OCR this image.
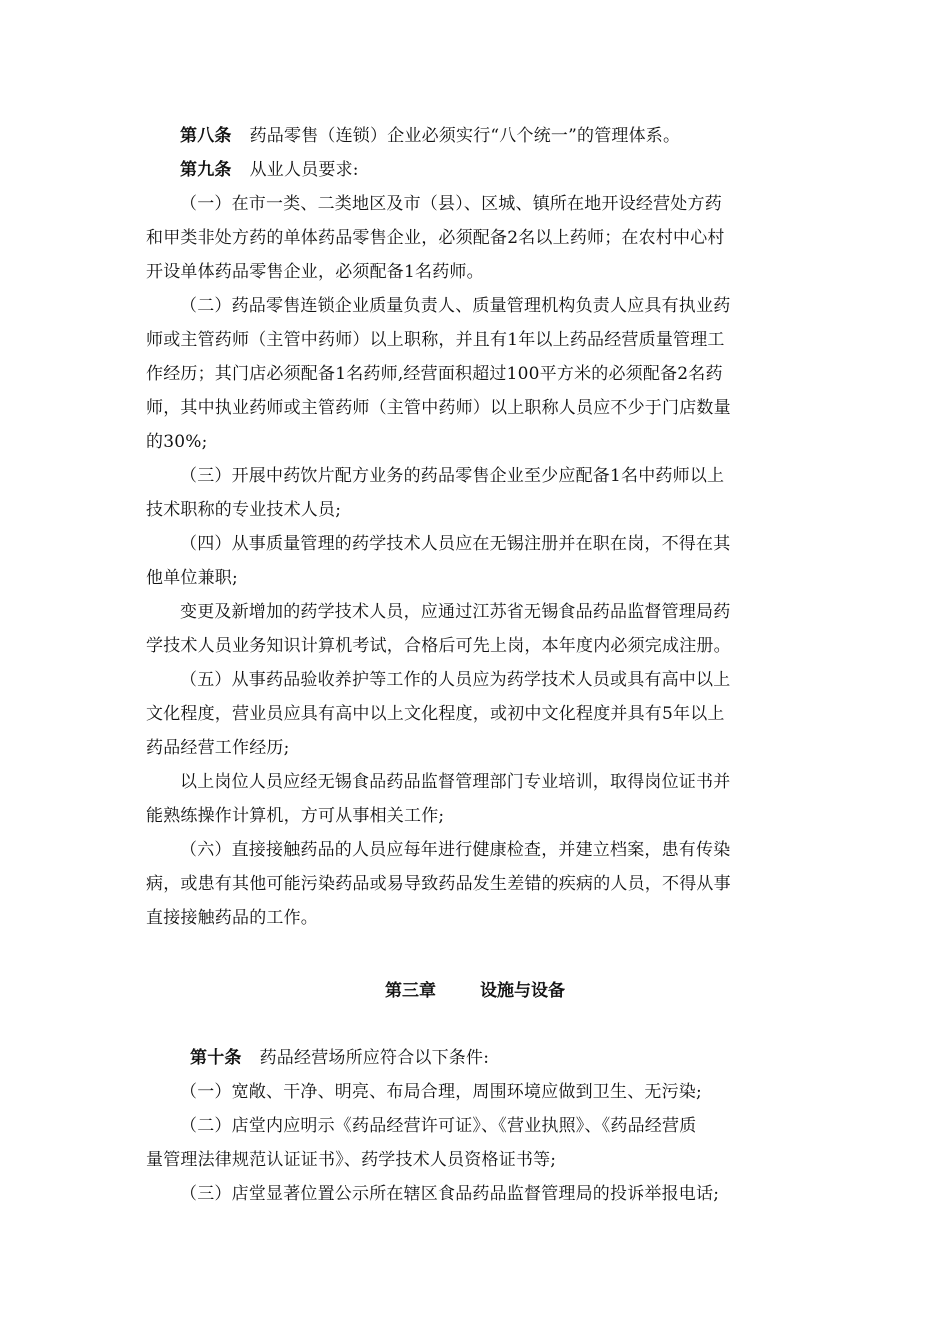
第八条 药品零售（连锁）企业必须实行“八个统一”的管理体系。
第九条 从业人员要求:
（一）在市一类、二类地区及市（县）、区城、镇所在地开设经营处方药
和甲类非处方药的单体药品零售企业，必须配备2名以上药师；在农村中心村
开设单体药品零售企业，必须配备1名药师。
（二）药品零售连锁企业质量负责人、质量管理机构负责人应具有执业药
师或主管药师（主管中药师）以上职称，并且有1年以上药品经营质量管理工
作经历；其门店必须配备1名药师,经营面积超过100平方米的必须配备2名药
师，其中执业药师或主管药师（主管中药师）以上职称人员应不少于门店数量
的30%;
（三）开展中药饮片配方业务的药品零售企业至少应配备1名中药师以上
技术职称的专业技术人员;
（四）从事质量管理的药学技术人员应在无锡注册并在职在岗，不得在其
他单位兼职;
变更及新增加的药学技术人员，应通过江苏省无锡食品药品监督管理局药
学技术人员业务知识计算机考试，合格后可先上岗，本年度内必须完成注册。
（五）从事药品验收养护等工作的人员应为药学技术人员或具有高中以上
文化程度，营业员应具有高中以上文化程度，或初中文化程度并具有5年以上
药品经营工作经历;
以上岗位人员应经无锡食品药品监督管理部门专业培训，取得岗位证书并
能熟练操作计算机，方可从事相关工作;
（六）直接接触药品的人员应每年进行健康检查，并建立档案，患有传染
病，或患有其他可能污染药品或易导致药品发生差错的疾病的人员，不得从事
直接接触药品的工作。
第三章	设施与设备
第十条 药品经营场所应符合以下条件:
（一）宽敞、干净、明亮、布局合理，周围环境应做到卫生、无污染;
（二）店堂内应明示《药品经营许可证》、《营业执照》、《药品经营质
量管理法律规范认证证书》、药学技术人员资格证书等;
（三）店堂显著位置公示所在辖区食品药品监督管理局的投诉举报电话;
